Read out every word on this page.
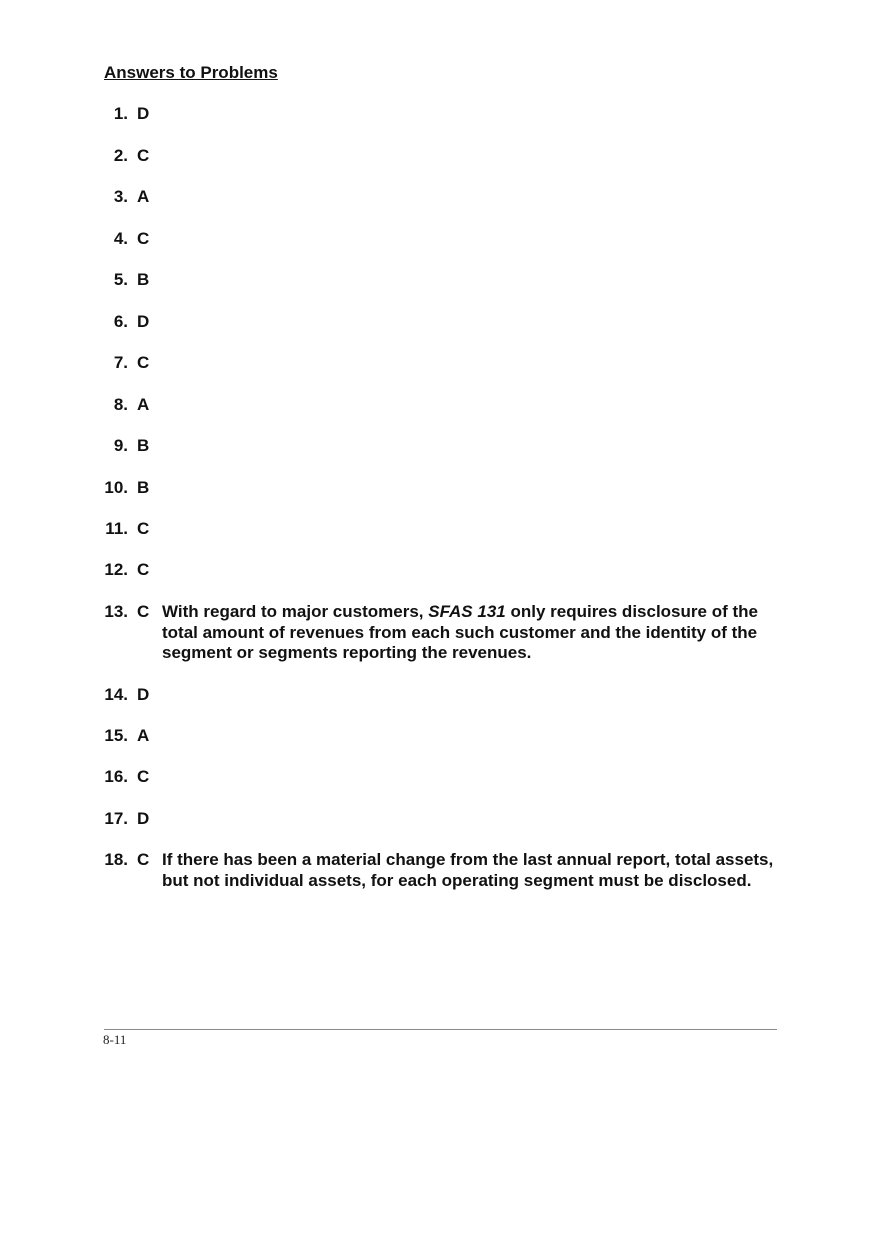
Answers to Problems
1. D
2. C
3. A
4. C
5. B
6. D
7. C
8. A
9. B
10. B
11. C
12. C
13. C With regard to major customers, SFAS 131 only requires disclosure of the total amount of revenues from each such customer and the identity of the segment or segments reporting the revenues.

14. D
15. A
16. C
17. D
18. C If there has been a material change from the last annual report, total assets, but not individual assets, for each operating segment must be disclosed.

8-11
